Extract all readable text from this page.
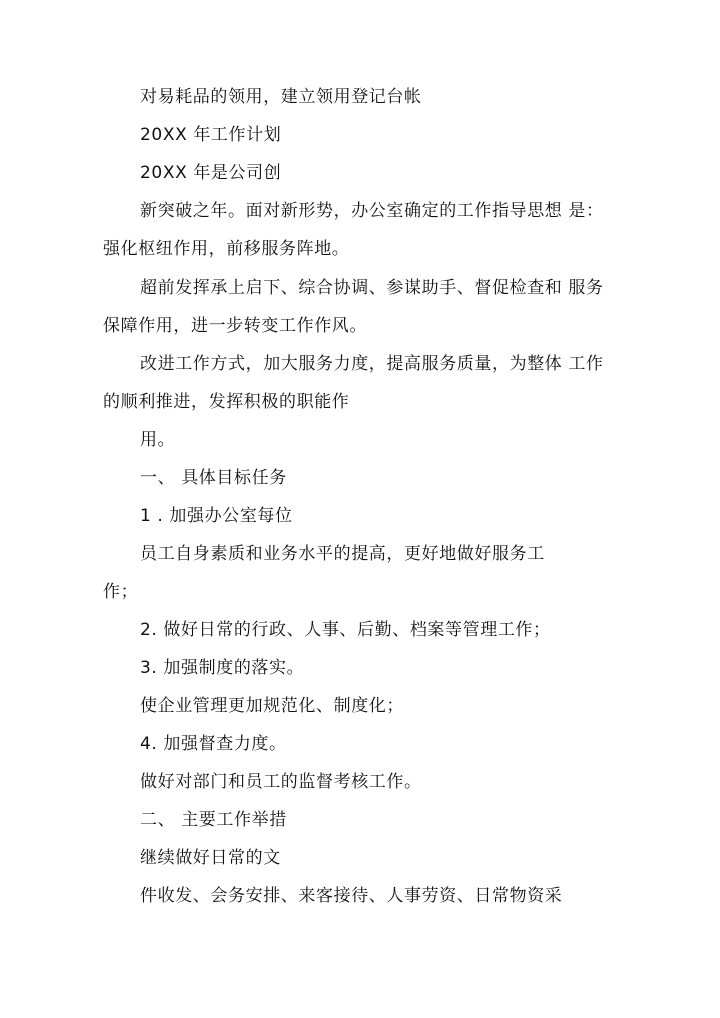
对易耗品的领用，建立领用登记台帐
20XX 年工作计划
20XX 年是公司创
新突破之年。面对新形势，办公室确定的工作指导思想 是：
强化枢纽作用，前移服务阵地。
超前发挥承上启下、综合协调、参谋助手、督促检查和 服务
保障作用，进一步转变工作作风。
改进工作方式，加大服务力度，提高服务质量，为整体 工作
的顺利推进，发挥积极的职能作
用。
一、 具体目标任务
1 . 加强办公室每位
员工自身素质和业务水平的提高，更好地做好服务工
作；
2. 做好日常的行政、人事、后勤、档案等管理工作；
3. 加强制度的落实。
使企业管理更加规范化、制度化；
4. 加强督查力度。
做好对部门和员工的监督考核工作。
二、 主要工作举措
继续做好日常的文
件收发、会务安排、来客接待、人事劳资、日常物资采
